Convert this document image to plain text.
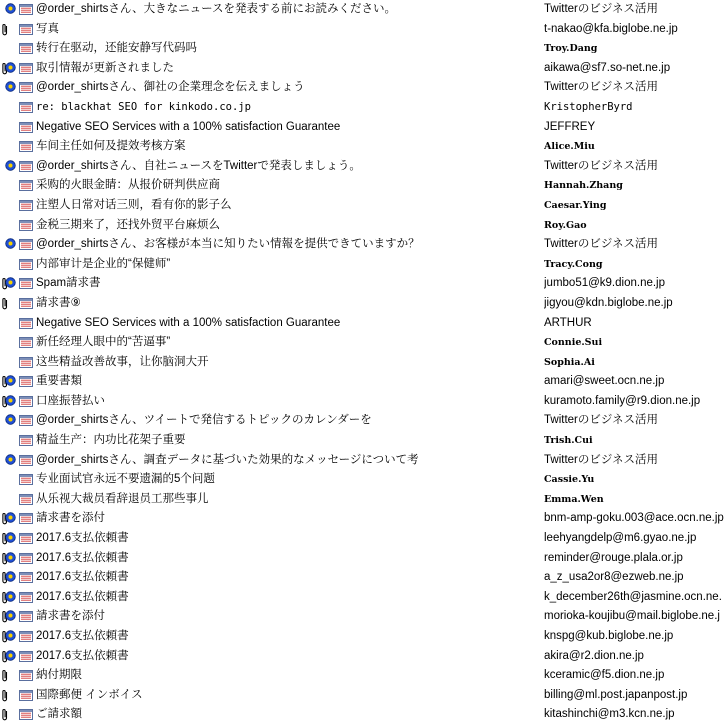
@order_shirtsさん、大きなニュースを発表する前にお読みください。	Twitterのビジネス活用
写真	t-nakao@kfa.biglobe.ne.jp
转行在驱动，还能安静写代码吗	Troy.Dang
取引情報が更新されました	aikawa@sf7.so-net.ne.jp
@order_shirtsさん、御社の企業理念を伝えましょう	Twitterのビジネス活用
re: blackhat SEO for kinkodo.co.jp	KristopherByrd
Negative SEO Services with a 100% satisfaction Guarantee	JEFFREY
车间主任如何及提效考核方案	Alice.Miu
@order_shirtsさん、自社ニュースをTwitterで発表しましょう。	Twitterのビジネス活用
采购的火眼金睛：从报价研判供应商	Hannah.Zhang
注塑人日常对话三则，看有你的影子么	Caesar.Ying
金税三期来了，还找外贸平台麻烦么	Roy.Gao
@order_shirtsさん、お客様が本当に知りたい情報を提供できていますか？	Twitterのビジネス活用
内部审计是企业的“保健师”	Tracy.Cong
Spam請求書	jumbo51@k9.dion.ne.jp
請求書⑨	jigyou@kdn.biglobe.ne.jp
Negative SEO Services with a 100% satisfaction Guarantee	ARTHUR
新任经理人眼中的“苦逼事”	Connie.Sui
这些精益改善故事，让你脑洞大开	Sophia.Ai
重要書類	amari@sweet.ocn.ne.jp
口座振替払い	kuramoto.family@r9.dion.ne.jp
@order_shirtsさん、ツイートで発信するトピックのカレンダーを	Twitterのビジネス活用
精益生产：内功比花架子重要	Trish.Cui
@order_shirtsさん、調査データに基づいた効果的なメッセージについて考	Twitterのビジネス活用
专业面试官永远不要遗漏的5个问题	Cassie.Yu
从乐视大裁员看辞退员工那些事儿	Emma.Wen
請求書を添付	bnm-amp-goku.003@ace.ocn.ne.jp
2017.6支払依頼書	leehyangdelp@m6.gyao.ne.jp
2017.6支払依頼書	reminder@rouge.plala.or.jp
2017.6支払依頼書	a_z_usa2or8@ezweb.ne.jp
2017.6支払依頼書	k_december26th@jasmine.ocn.ne.
請求書を添付	morioka-koujibu@mail.biglobe.ne.j
2017.6支払依頼書	knspg@kub.biglobe.ne.jp
2017.6支払依頼書	akira@r2.dion.ne.jp
納付期限	kceramic@f5.dion.ne.jp
国際郵便 インボイス	billing@ml.post.japanpost.jp
ご請求額	kitashinchi@m3.kcn.ne.jp
